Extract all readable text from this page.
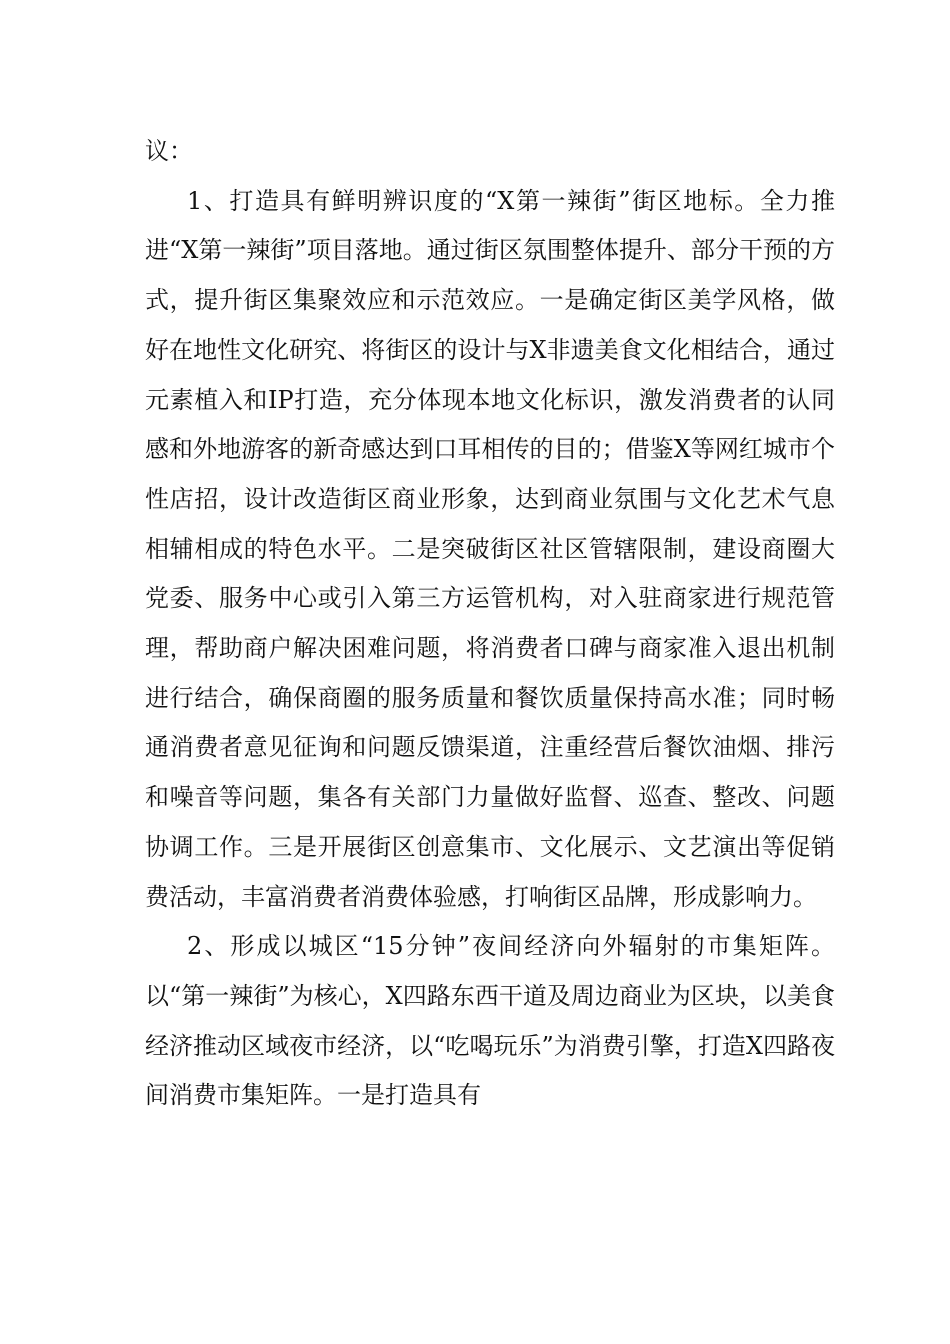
议：

1、打造具有鲜明辨识度的“X第一辣街”街区地标。全力推进“X第一辣街”项目落地。通过街区氛围整体提升、部分干预的方式，提升街区集聚效应和示范效应。一是确定街区美学风格，做好在地性文化研究、将街区的设计与X非遗美食文化相结合，通过元素植入和IP打造，充分体现本地文化标识，激发消费者的认同感和外地游客的新奇感达到口耳相传的目的；借鉴X等网红城市个性店招，设计改造街区商业形象，达到商业氛围与文化艺术气息相辅相成的特色水平。二是突破街区社区管辖限制，建设商圈大党委、服务中心或引入第三方运管机构，对入驻商家进行规范管理，帮助商户解决困难问题，将消费者口碑与商家准入退出机制进行结合，确保商圈的服务质量和餐饮质量保持高水准；同时畅通消费者意见征询和问题反馈渠道，注重经营后餐饮油烟、排污和噪音等问题，集各有关部门力量做好监督、巡查、整改、问题协调工作。三是开展街区创意集市、文化展示、文艺演出等促销费活动，丰富消费者消费体验感，打响街区品牌，形成影响力。

2、形成以城区“15分钟”夜间经济向外辐射的市集矩阵。以“第一辣街”为核心，X四路东西干道及周边商业为区块，以美食经济推动区域夜市经济，以“吃喝玩乐”为消费引擎，打造X四路夜间消费市集矩阵。一是打造具有
